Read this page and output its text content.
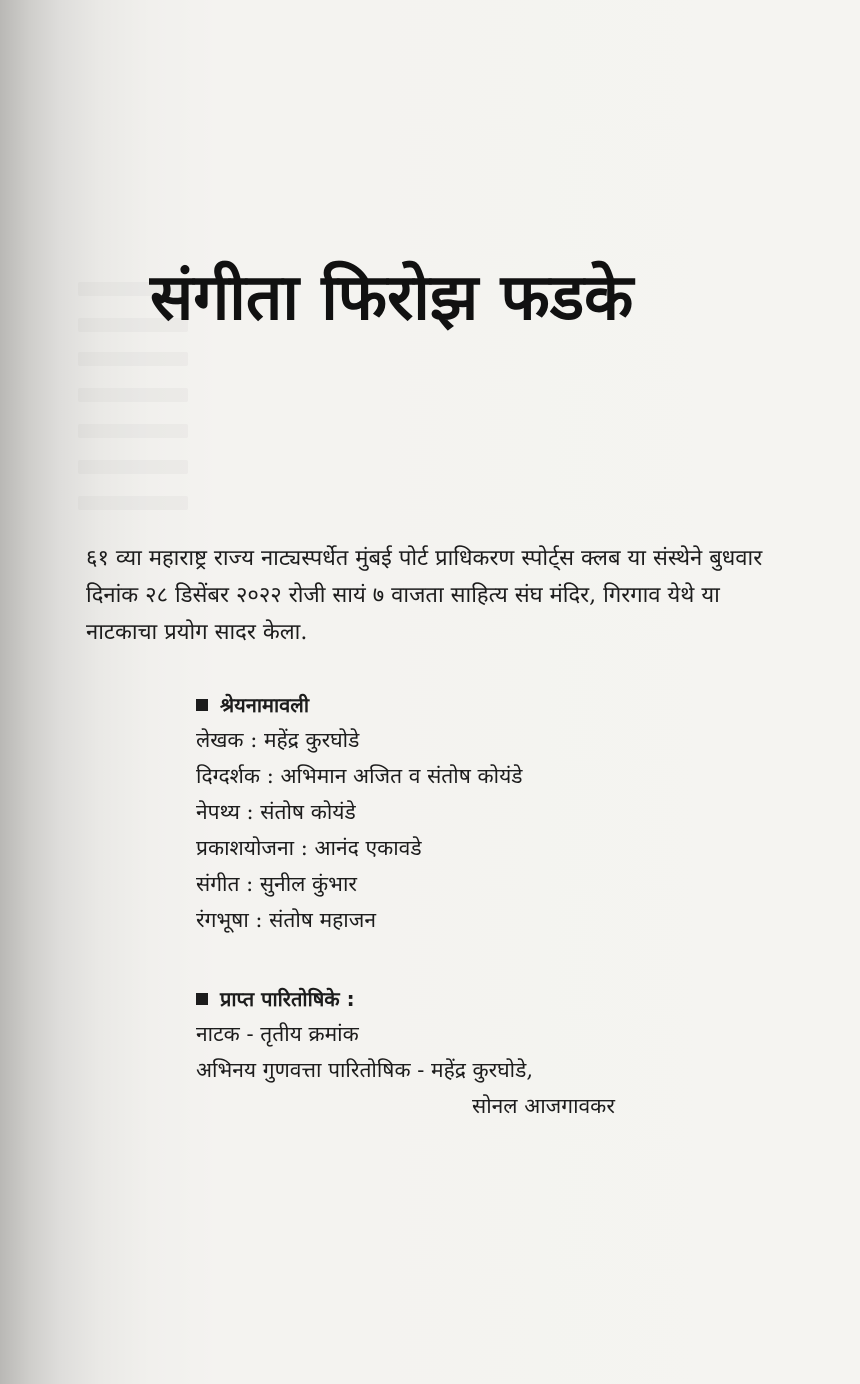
संगीता फिरोझ फडके

६१ व्या महाराष्ट्र राज्य नाट्यस्पर्धेत मुंबई पोर्ट प्राधिकरण स्पोर्ट्स क्लब या संस्थेने बुधवार दिनांक २८ डिसेंबर २०२२ रोजी सायं ७ वाजता साहित्य संघ मंदिर, गिरगाव येथे या नाटकाचा प्रयोग सादर केला.

श्रेयनामावली

लेखक : महेंद्र कुरघोडे

दिग्दर्शक : अभिमान अजित व संतोष कोयंडे

नेपथ्य : संतोष कोयंडे

प्रकाशयोजना : आनंद एकावडे

संगीत : सुनील कुंभार

रंगभूषा : संतोष महाजन

प्राप्त पारितोषिके :

नाटक - तृतीय क्रमांक

अभिनय गुणवत्ता पारितोषिक - महेंद्र कुरघोडे,

सोनल आजगावकर
